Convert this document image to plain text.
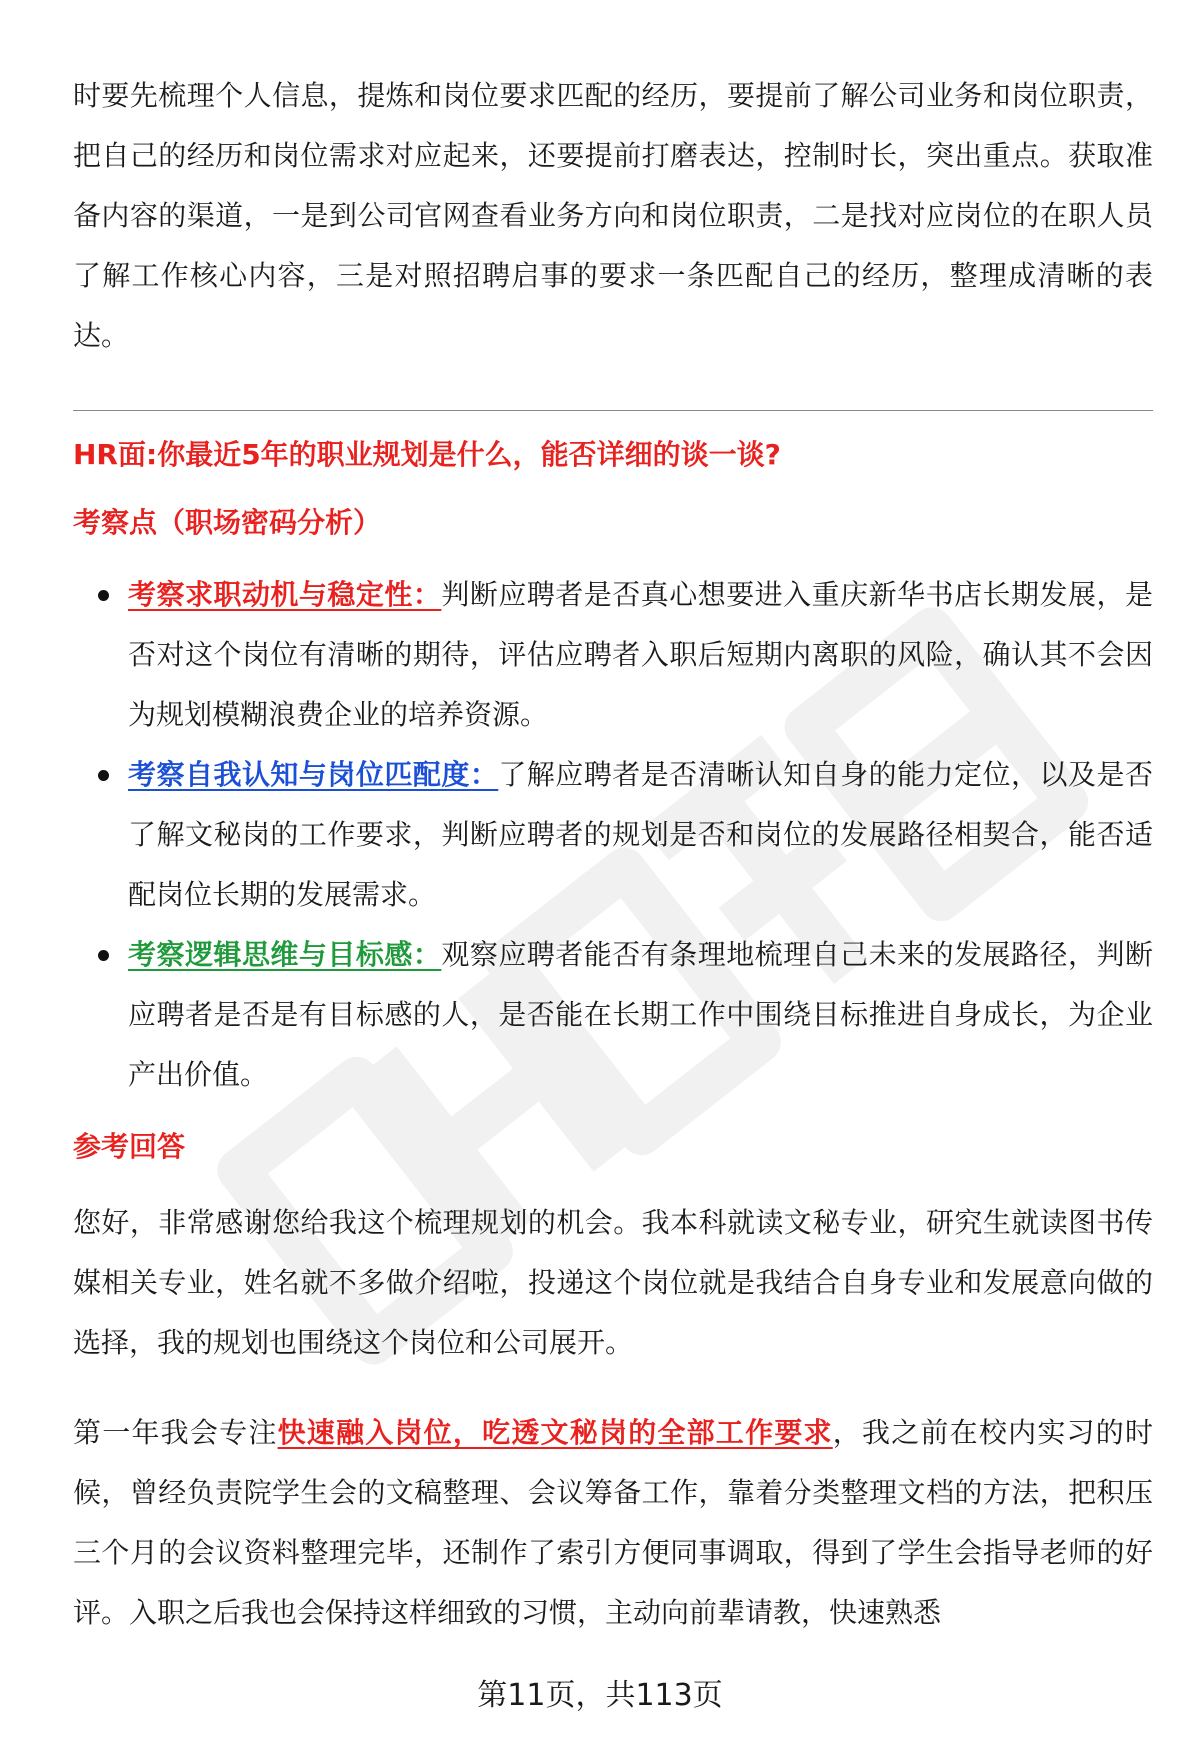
时要先梳理个人信息，提炼和岗位要求匹配的经历，要提前了解公司业务和岗位职责，把自己的经历和岗位需求对应起来，还要提前打磨表达，控制时长，突出重点。获取准备内容的渠道，一是到公司官网查看业务方向和岗位职责，二是找对应岗位的在职人员了解工作核心内容，三是对照招聘启事的要求一条匹配自己的经历，整理成清晰的表达。

HR面:你最近5年的职业规划是什么，能否详细的谈一谈?
考察点（职场密码分析）
考察求职动机与稳定性：判断应聘者是否真心想要进入重庆新华书店长期发展，是否对这个岗位有清晰的期待，评估应聘者入职后短期内离职的风险，确认其不会因为规划模糊浪费企业的培养资源。
考察自我认知与岗位匹配度：了解应聘者是否清晰认知自身的能力定位，以及是否了解文秘岗的工作要求，判断应聘者的规划是否和岗位的发展路径相契合，能否适配岗位长期的发展需求。
考察逻辑思维与目标感：观察应聘者能否有条理地梳理自己未来的发展路径，判断应聘者是否是有目标感的人，是否能在长期工作中围绕目标推进自身成长，为企业产出价值。
参考回答

您好，非常感谢您给我这个梳理规划的机会。我本科就读文秘专业，研究生就读图书传媒相关专业，姓名就不多做介绍啦，投递这个岗位就是我结合自身专业和发展意向做的选择，我的规划也围绕这个岗位和公司展开。

第一年我会专注快速融入岗位，吃透文秘岗的全部工作要求，我之前在校内实习的时候，曾经负责院学生会的文稿整理、会议筹备工作，靠着分类整理文档的方法，把积压三个月的会议资料整理完毕，还制作了索引方便同事调取，得到了学生会指导老师的好评。入职之后我也会保持这样细致的习惯，主动向前辈请教，快速熟悉

第11页，共113页
